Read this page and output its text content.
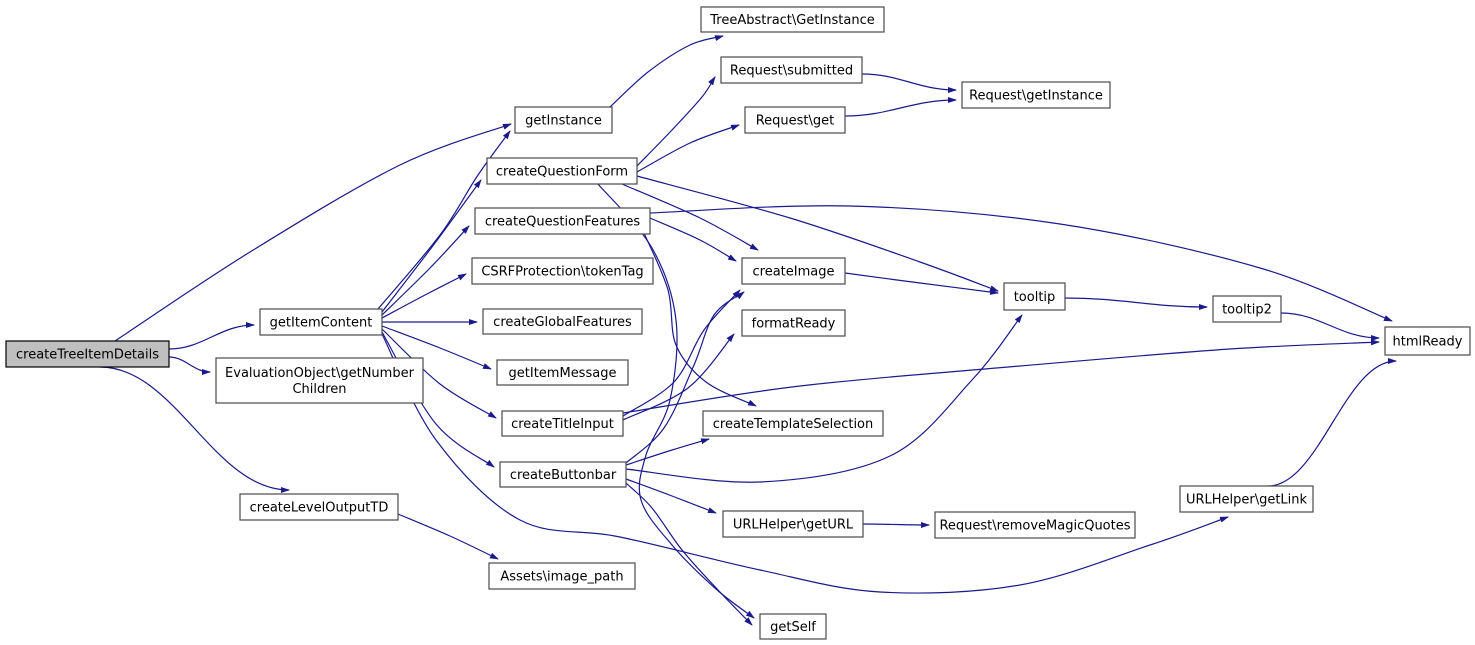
createTreeItemDetails
getItemContent
EvaluationObject\getNumber
Children
createLevelOutputTD
getInstance
TreeAbstract\GetInstance
createQuestionForm
createQuestionFeatures
CSRFProtection\tokenTag
createGlobalFeatures
getItemMessage
createTitleInput
createButtonbar
Assets\image_path
Request\submitted
Request\get
Request\getInstance
createImage
formatReady
createTemplateSelection
URLHelper\getURL	Request\removeMagicQuotes
getSelf
tooltip
tooltip2
URLHelper\getLink
htmlReady
